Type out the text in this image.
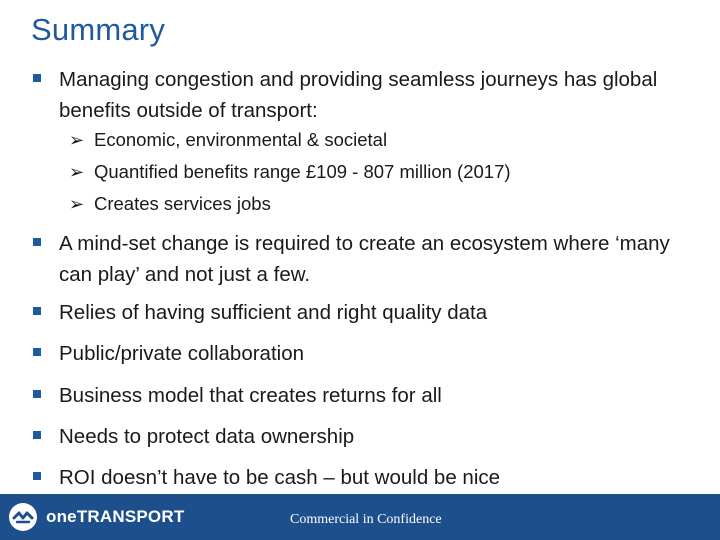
Summary
Managing congestion and providing seamless journeys has global benefits outside of transport:
➢ Economic, environmental & societal
➢ Quantified benefits range £109 - 807 million (2017)
➢ Creates services jobs
A mind-set change is required to create an ecosystem where ‘many can play’ and not just a few.
Relies of having sufficient and right quality data
Public/private collaboration
Business model that creates returns for all
Needs to protect data ownership
ROI doesn’t have to be cash – but would be nice
oneTRANSPORT	Commercial in Confidence
